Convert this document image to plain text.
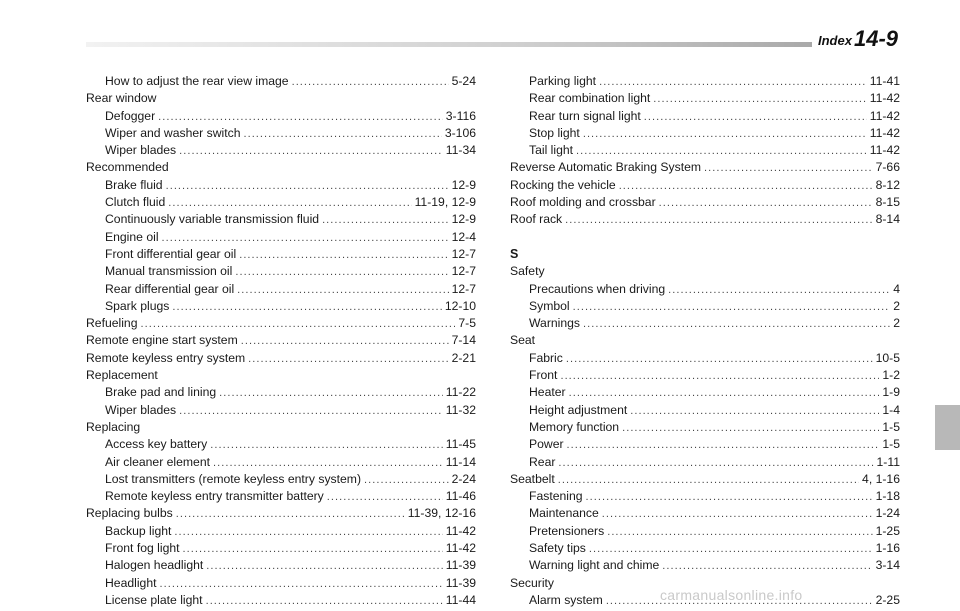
Index 14-9
How to adjust the rear view image . . .	5-24
Rear window
Defogger . . .	3-116
Wiper and washer switch . . .	3-106
Wiper blades . . .	11-34
Recommended
Brake fluid . . .	12-9
Clutch fluid . . .	11-19, 12-9
Continuously variable transmission fluid . . .	12-9
Engine oil . . .	12-4
Front differential gear oil . . .	12-7
Manual transmission oil . . .	12-7
Rear differential gear oil . . .	12-7
Spark plugs . . .	12-10
Refueling . . .	7-5
Remote engine start system . . .	7-14
Remote keyless entry system . . .	2-21
Replacement
Brake pad and lining . . .	11-22
Wiper blades . . .	11-32
Replacing
Access key battery . . .	11-45
Air cleaner element . . .	11-14
Lost transmitters (remote keyless entry system) . . .	2-24
Remote keyless entry transmitter battery . . .	11-46
Replacing bulbs . . .	11-39, 12-16
Backup light . . .	11-42
Front fog light . . .	11-42
Halogen headlight . . .	11-39
Headlight . . .	11-39
License plate light . . .	11-44
Parking light . . .	11-41
Rear combination light . . .	11-42
Rear turn signal light . . .	11-42
Stop light . . .	11-42
Tail light . . .	11-42
Reverse Automatic Braking System . . .	7-66
Rocking the vehicle . . .	8-12
Roof molding and crossbar . . .	8-15
Roof rack . . .	8-14
S
Safety
Precautions when driving . . .	4
Symbol . . .	2
Warnings . . .	2
Seat
Fabric . . .	10-5
Front . . .	1-2
Heater . . .	1-9
Height adjustment . . .	1-4
Memory function . . .	1-5
Power . . .	1-5
Rear . . .	1-11
Seatbelt . . .	4, 1-16
Fastening . . .	1-18
Maintenance . . .	1-24
Pretensioners . . .	1-25
Safety tips . . .	1-16
Warning light and chime . . .	3-14
Security
Alarm system . . .	2-25
carmanualsonline.info
